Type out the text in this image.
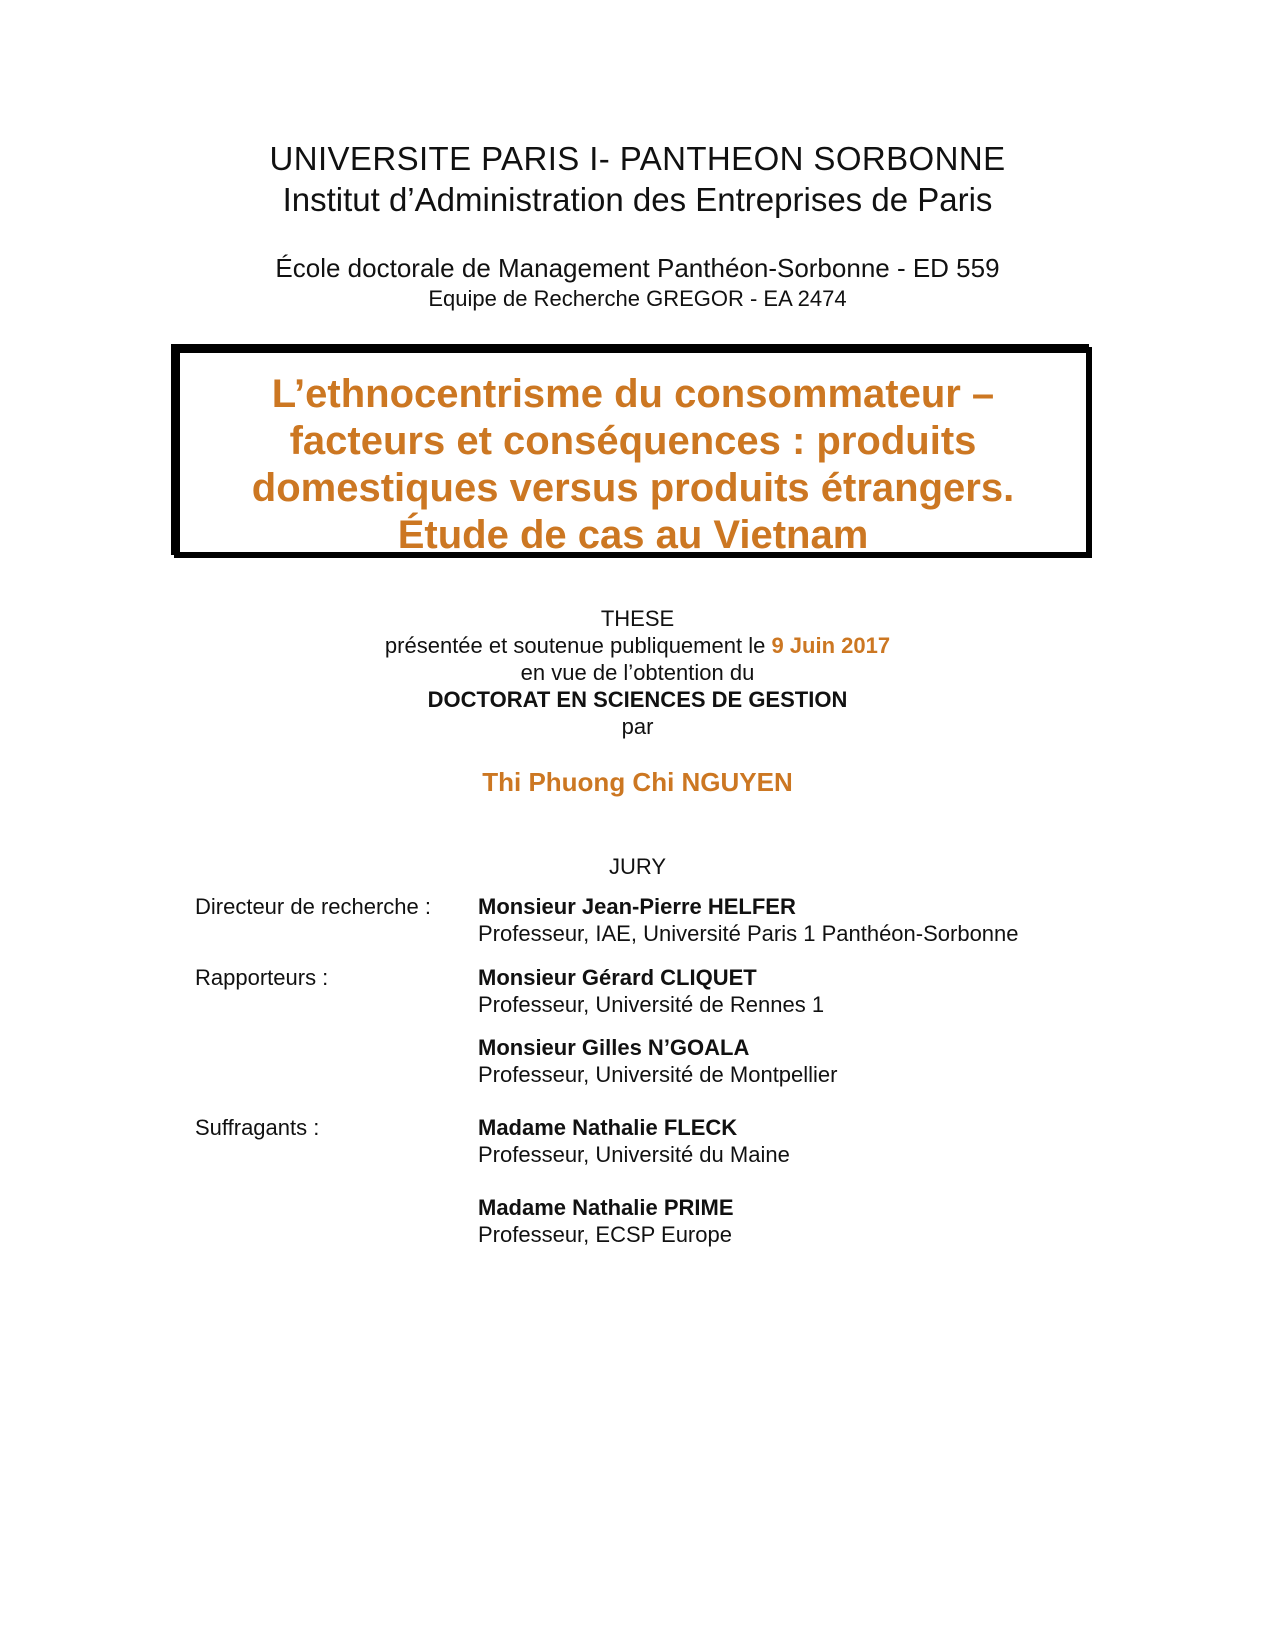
UNIVERSITE PARIS I- PANTHEON SORBONNE
Institut d’Administration des Entreprises de Paris
École doctorale de Management Panthéon-Sorbonne - ED 559
Equipe de Recherche GREGOR - EA 2474
L’ethnocentrisme du consommateur –
facteurs et conséquences : produits
domestiques versus produits étrangers.
Étude de cas au Vietnam
THESE
présentée et soutenue publiquement le 9 Juin 2017
en vue de l’obtention du
DOCTORAT EN SCIENCES DE GESTION
par
Thi Phuong Chi NGUYEN
JURY
Directeur de recherche : Monsieur Jean-Pierre HELFER
Professeur, IAE, Université Paris 1 Panthéon-Sorbonne
Rapporteurs :	Monsieur Gérard CLIQUET
Professeur, Université de Rennes 1
Monsieur Gilles N’GOALA
Professeur, Université de Montpellier
Suffragants :	Madame Nathalie FLECK
Professeur, Université du Maine
Madame Nathalie PRIME
Professeur, ECSP Europe
